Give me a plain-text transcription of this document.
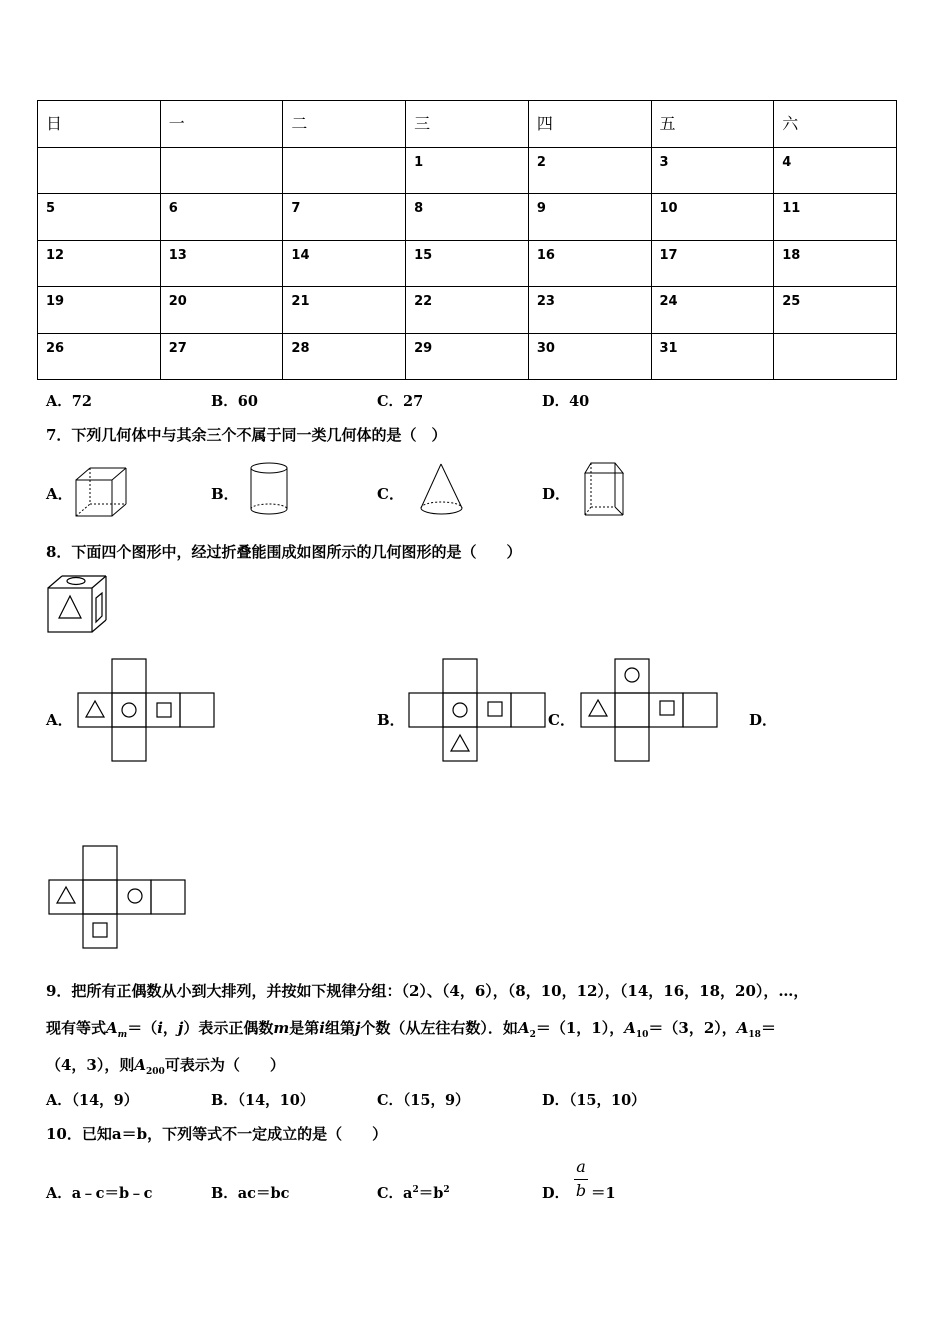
日	一	二	三	四	五	六
			1	2	3	4
5	6	7	8	9	10	11
12	13	14	15	16	17	18
19	20	21	22	23	24	25
26	27	28	29	30	31	
A．72	B．60	C．27	D．40
7．下列几何体中与其余三个不属于同一类几何体的是（　）
A．	B．	C．	D．
8．下面四个图形中，经过折叠能围成如图所示的几何图形的是（　　）
A．	B．	C．	D．
9．把所有正偶数从小到大排列，并按如下规律分组：（2）、（4，6），（8，10，12），（14，16，18，20），…，
现有等式$A_m=(i$，j）表示正偶数m是第i组第j个数（从左往右数）．如$A_2=(1$，1），$A_{10}=(3$，2），$A_{18}=$
（4，3），则$A_{200}$可表示为（　　）
A．（14，9）	B．（14，10）	C．（15，9）	D．（15，10）
10．已知a＝b，下列等式不一定成立的是（　　）
A．a﹣c＝b﹣c	B．ac＝bc	C．$a^2=b^2$	D．
a
b ＝1
